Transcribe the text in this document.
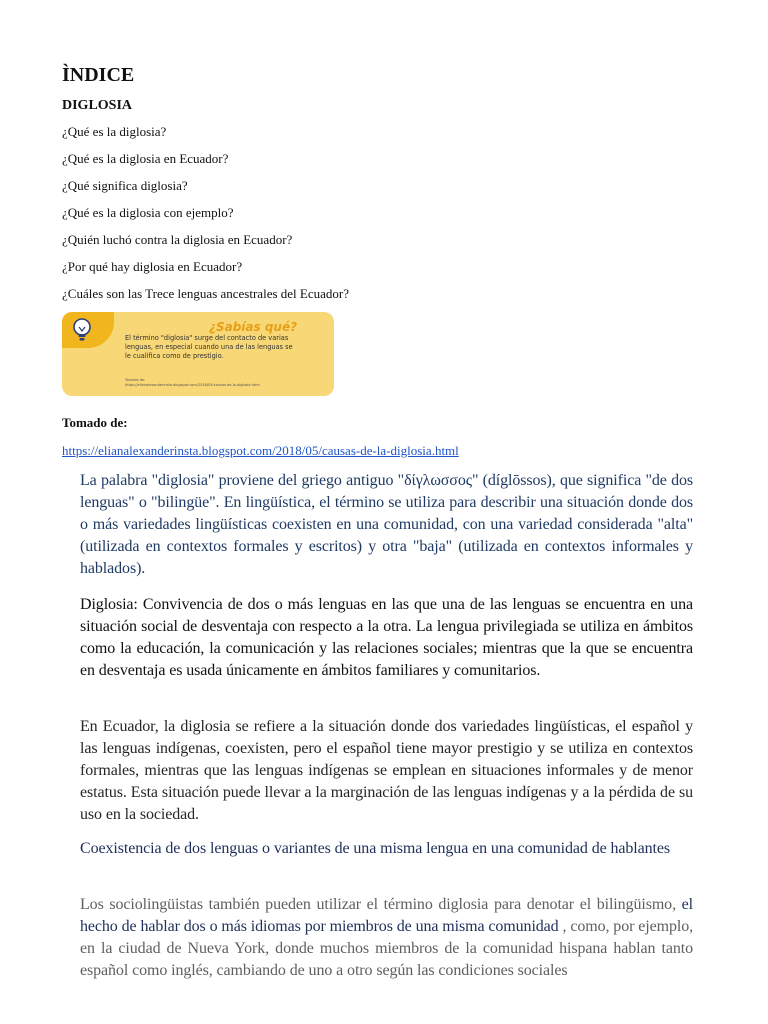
ÌNDICE
DIGLOSIA
¿Qué es la diglosia?
¿Qué es la diglosia en Ecuador?
¿Qué significa diglosia?
¿Qué es la diglosia con ejemplo?
¿Quién luchó contra la diglosia en Ecuador?
¿Por qué hay diglosia en Ecuador?
¿Cuáles son las Trece lenguas ancestrales del Ecuador?
¿Sabías qué?
El término "diglosia" surge del contacto de varias lenguas, en especial cuando una de las lenguas se le cualifica como de prestigio.
Tomado de:
https://elianalexanderinsta.blogspot.com/2018/05/causas-de-la-diglosia.html

Tomado de:

https://elianalexanderinsta.blogspot.com/2018/05/causas-de-la-diglosia.html

La palabra "diglosia" proviene del griego antiguo "δίγλωσσος" (díglōssos), que significa "de dos lenguas" o "bilingüe". En lingüística, el término se utiliza para describir una situación donde dos o más variedades lingüísticas coexisten en una comunidad, con una variedad considerada "alta" (utilizada en contextos formales y escritos) y otra "baja" (utilizada en contextos informales y hablados).

Diglosia: Convivencia de dos o más lenguas en las que una de las lenguas se encuentra en una situación social de desventaja con respecto a la otra. La lengua privilegiada se utiliza en ámbitos como la educación, la comunicación y las relaciones sociales; mientras que la que se encuentra en desventaja es usada únicamente en ámbitos familiares y comunitarios.

En Ecuador, la diglosia se refiere a la situación donde dos variedades lingüísticas, el español y las lenguas indígenas, coexisten, pero el español tiene mayor prestigio y se utiliza en contextos formales, mientras que las lenguas indígenas se emplean en situaciones informales y de menor estatus. Esta situación puede llevar a la marginación de las lenguas indígenas y a la pérdida de su uso en la sociedad.

Coexistencia de dos lenguas o variantes de una misma lengua en una comunidad de hablantes

Los sociolingüistas también pueden utilizar el término diglosia para denotar el bilingüismo, el hecho de hablar dos o más idiomas por miembros de una misma comunidad , como, por ejemplo, en la ciudad de Nueva York, donde muchos miembros de la comunidad hispana hablan tanto español como inglés, cambiando de uno a otro según las condiciones sociales
